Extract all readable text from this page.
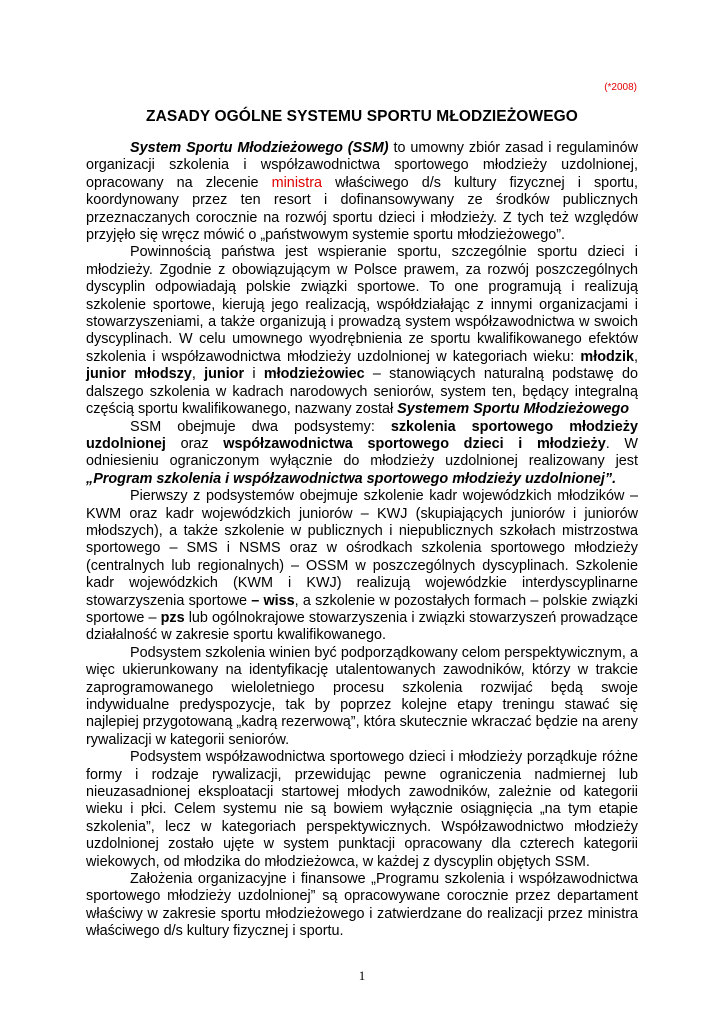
(*2008)
ZASADY OGÓLNE SYSTEMU SPORTU MŁODZIEŻOWEGO

System Sportu Młodzieżowego (SSM) to umowny zbiór zasad i regulaminów organizacji szkolenia i współzawodnictwa sportowego młodzieży uzdolnionej, opracowany na zlecenie ministra właściwego d/s kultury fizycznej i sportu, koordynowany przez ten resort i dofinansowywany ze środków publicznych przeznaczanych corocznie na rozwój sportu dzieci i młodzieży. Z tych też względów przyjęło się wręcz mówić o „państwowym systemie sportu młodzieżowego”.

Powinnością państwa jest wspieranie sportu, szczególnie sportu dzieci i młodzieży. Zgodnie z obowiązującym w Polsce prawem, za rozwój poszczególnych dyscyplin odpowiadają polskie związki sportowe. To one programują i realizują szkolenie sportowe, kierują jego realizacją, współdziałając z innymi organizacjami i stowarzyszeniami, a także organizują i prowadzą system współzawodnictwa w swoich dyscyplinach. W celu umownego wyodrębnienia ze sportu kwalifikowanego efektów szkolenia i współzawodnictwa młodzieży uzdolnionej w kategoriach wieku: młodzik, junior młodszy, junior i młodzieżowiec – stanowiących naturalną podstawę do dalszego szkolenia w kadrach narodowych seniorów, system ten, będący integralną częścią sportu kwalifikowanego, nazwany został Systemem Sportu Młodzieżowego

SSM obejmuje dwa podsystemy: szkolenia sportowego młodzieży uzdolnionej oraz współzawodnictwa sportowego dzieci i młodzieży. W odniesieniu ograniczonym wyłącznie do młodzieży uzdolnionej realizowany jest „Program szkolenia i współzawodnictwa sportowego młodzieży uzdolnionej”.

Pierwszy z podsystemów obejmuje szkolenie kadr wojewódzkich młodzików – KWM oraz kadr wojewódzkich juniorów – KWJ (skupiających juniorów i juniorów młodszych), a także szkolenie w publicznych i niepublicznych szkołach mistrzostwa sportowego – SMS i NSMS oraz w ośrodkach szkolenia sportowego młodzieży (centralnych lub regionalnych) – OSSM w poszczególnych dyscyplinach. Szkolenie kadr wojewódzkich (KWM i KWJ) realizują wojewódzkie interdyscyplinarne stowarzyszenia sportowe – wiss, a szkolenie w pozostałych formach – polskie związki sportowe – pzs lub ogólnokrajowe stowarzyszenia i związki stowarzyszeń prowadzące działalność w zakresie sportu kwalifikowanego.

Podsystem szkolenia winien być podporządkowany celom perspektywicznym, a więc ukierunkowany na identyfikację utalentowanych zawodników, którzy w trakcie zaprogramowanego wieloletniego procesu szkolenia rozwijać będą swoje indywidualne predyspozycje, tak by poprzez kolejne etapy treningu stawać się najlepiej przygotowaną „kadrą rezerwową”, która skutecznie wkraczać będzie na areny rywalizacji w kategorii seniorów.

Podsystem współzawodnictwa sportowego dzieci i młodzieży porządkuje różne formy i rodzaje rywalizacji, przewidując pewne ograniczenia nadmiernej lub nieuzasadnionej eksploatacji startowej młodych zawodników, zależnie od kategorii wieku i płci. Celem systemu nie są bowiem wyłącznie osiągnięcia „na tym etapie szkolenia”, lecz w kategoriach perspektywicznych. Współzawodnictwo młodzieży uzdolnionej zostało ujęte w system punktacji opracowany dla czterech kategorii wiekowych, od młodzika do młodzieżowca, w każdej z dyscyplin objętych SSM.

Założenia organizacyjne i finansowe „Programu szkolenia i współzawodnictwa sportowego młodzieży uzdolnionej” są opracowywane corocznie przez departament właściwy w zakresie sportu młodzieżowego i zatwierdzane do realizacji przez ministra właściwego d/s kultury fizycznej i sportu.

1
